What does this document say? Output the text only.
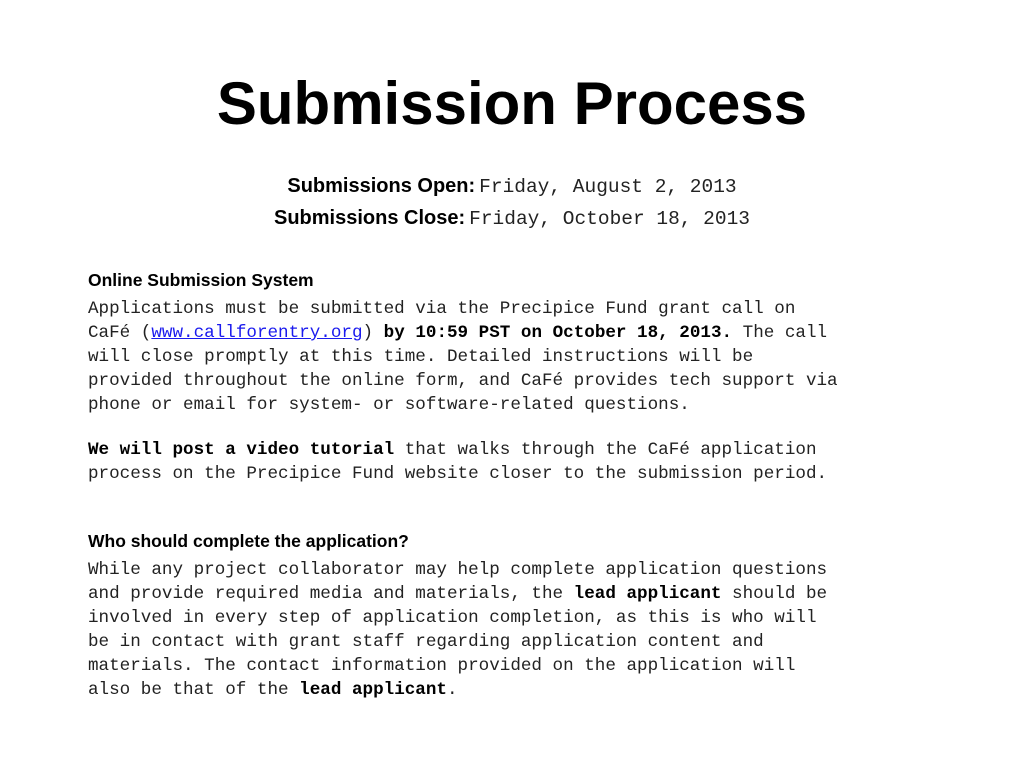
Submission Process
Submissions Open: Friday, August 2, 2013
Submissions Close: Friday, October 18, 2013
Online Submission System
Applications must be submitted via the Precipice Fund grant call on
CaFé (www.callforentry.org) by 10:59 PST on October 18, 2013. The call
will close promptly at this time. Detailed instructions will be
provided throughout the online form, and CaFé provides tech support via
phone or email for system- or software-related questions.
We will post a video tutorial that walks through the CaFé application
process on the Precipice Fund website closer to the submission period.
Who should complete the application?
While any project collaborator may help complete application questions
and provide required media and materials, the lead applicant should be
involved in every step of application completion, as this is who will
be in contact with grant staff regarding application content and
materials. The contact information provided on the application will
also be that of the lead applicant.
